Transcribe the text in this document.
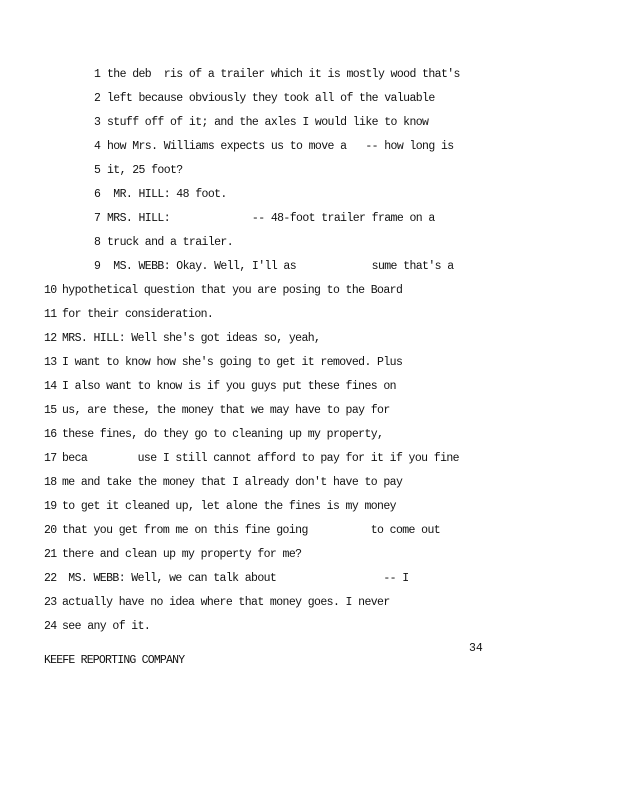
1 the deb  ris of a trailer which it is mostly wood that's
2 left because obviously they took all of the valuable
3 stuff off of it; and the axles I would like to know
4 how Mrs. Williams expects us to move a   -- how long is
5 it, 25 foot?
6 MR. HILL: 48 foot.
7 MRS. HILL:             -- 48-foot trailer frame on a
8 truck and a trailer.
9 MS. WEBB: Okay. Well, I'll as            sume that's a
10 hypothetical question that you are posing to the Board
11 for their consideration.
12 MRS. HILL: Well she's got ideas so, yeah,
13 I want to know how she's going to get it removed. Plus
14 I also want to know is if you guys put these fines on
15 us, are these, the money that we may have to pay for
16 these fines, do they go to cleaning up my property,
17 beca        use I still cannot afford to pay for it if you fine
18 me and take the money that I already don't have to pay
19 to get it cleaned up, let alone the fines is my money
20 that you get from me on this fine going          to come out
21 there and clean up my property for me?
22 MS. WEBB: Well, we can talk about                 -- I
23 actually have no idea where that money goes. I never
24 see any of it.
34
KEEFE REPORTING COMPANY
